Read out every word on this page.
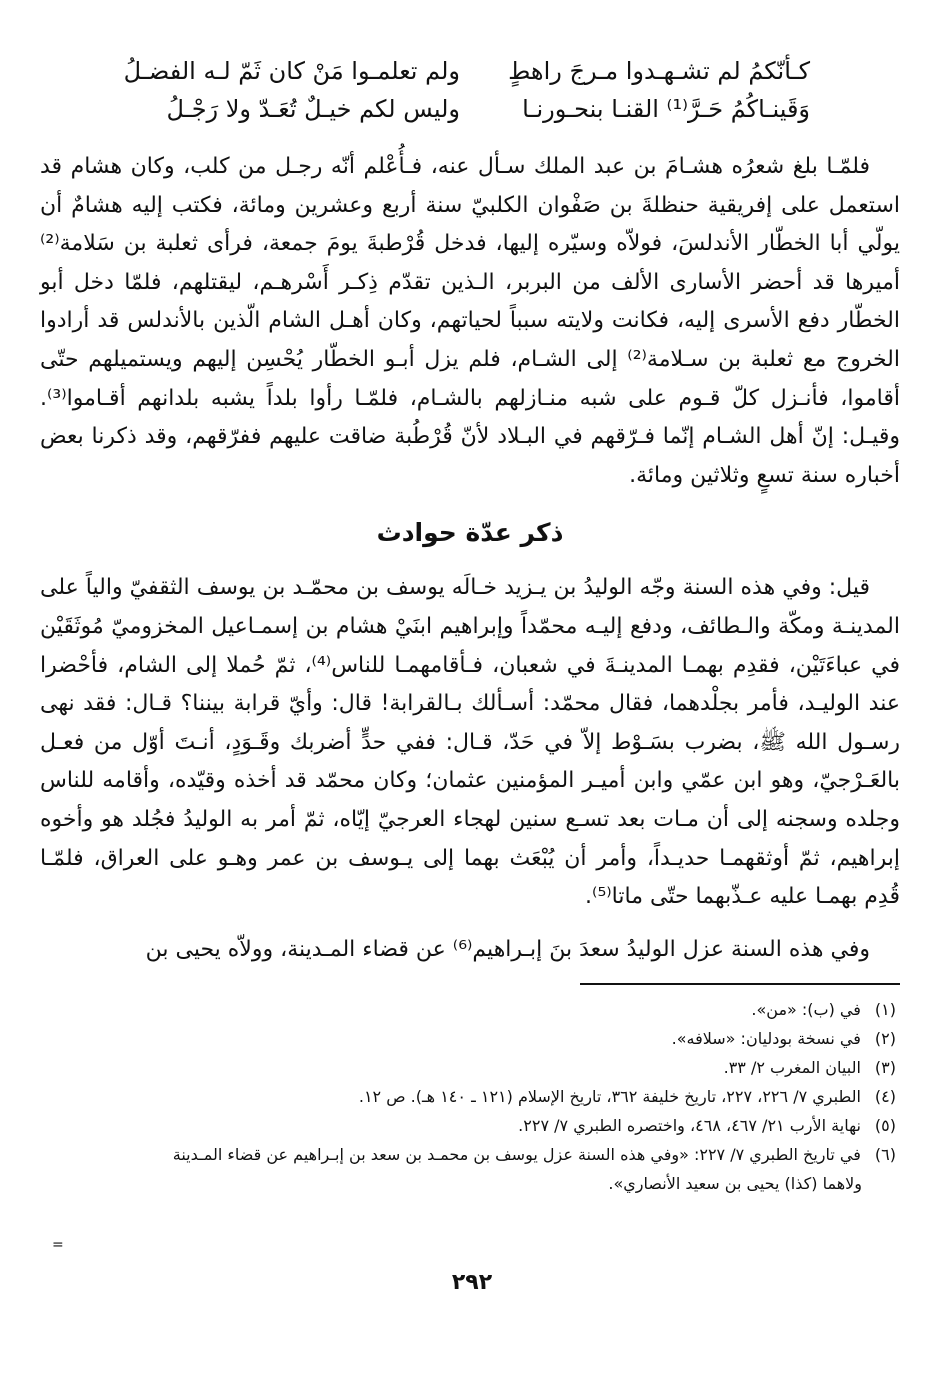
كـأنّكمُ لم تشـهـدوا مـرجَ راهطٍ
ولم تعلمـوا مَنْ كان ثَمّ لـه الفضـلُ
وَقَينـاكُمُ حَـرَّ⁽¹⁾ القنـا بنحـورنـا
وليس لكم خيـلٌ تُعَـدّ ولا رَجْـلُ

فلمّـا بلغ شعرُه هشـامَ بن عبد الملك سـأل عنه، فـأُعْلم أنّه رجـل من كلب، وكان هشام قد استعمل على إفريقية حنظلةَ بن صَفْوان الكلبيّ سنة أربع وعشرين ومائة، فكتب إليه هشامٌ أن يولّي أبا الخطّار الأندلسَ، فولاّه وسيّره إليها، فدخل قُرْطبةَ يومَ جمعة، فرأى ثعلبة بن سَلامة⁽²⁾ أميرها قد أحضر الأسارى الألف من البربر، الـذين تقدّم ذِكـر أَسْرهـم، ليقتلهم، فلمّا دخل أبو الخطّار دفع الأسرى إليه، فكانت ولايته سبباً لحياتهم، وكان أهـل الشام الّذين بالأندلس قد أرادوا الخروج مع ثعلبة بن سـلامة⁽²⁾ إلى الشـام، فلم يزل أبـو الخطّار يُحْسِن إليهم ويستميلهم حتّى أقاموا، فأنـزل كلّ قـوم على شبه منـازلهم بالشـام، فلمّـا رأوا بلداً يشبه بلدانهم أقـاموا⁽³⁾. وقيـل: إنّ أهل الشـام إنّما فـرّقهم في البـلاد لأنّ قُرْطُبة ضاقت عليهم ففرّقهم، وقد ذكرنا بعض أخباره سنة تسعٍ وثلاثين ومائة.

ذكر عدّة حوادث

قيل: وفي هذه السنة وجّه الوليدُ بن يـزيد خـالَه يوسف بن محمّـد بن يوسف الثقفيّ والياً على المدينـة ومكّة والـطائف، ودفع إليـه محمّداً وإبراهيم ابنَيْ هشام بن إسمـاعيل المخزوميّ مُوثَقَيْن في عباءَتَيْن، فقدِم بهمـا المدينـةَ في شعبان، فـأقامهمـا للناس⁽⁴⁾، ثمّ حُملا إلى الشام، فأحْضرا عند الوليـد، فأمر بجلْدهما، فقال محمّد: أسـألك بـالقرابة! قال: وأيّ قرابة بيننا؟ قـال: فقد نهى رسـول الله ﷺ، بضرب بسَـوْط إلاّ في حَدّ، قـال: ففي حدٍّ أضربك وقَـوَدٍ، أنـتَ أوّل من فعـل بالعَـرْجيّ، وهو ابن عمّي وابن أميـر المؤمنين عثمان؛ وكان محمّد قد أخذه وقيّده، وأقامه للناس وجلده وسجنه إلى أن مـات بعد تسـع سنين لهجاء العرجيّ إيّاه، ثمّ أمر به الوليدُ فجُلد هو وأخوه إبراهيم، ثمّ أوثقهمـا حديـداً، وأمر أن يُبْعَث بهما إلى يـوسف بن عمر وهـو على العراق، فلمّـا قُدِم بهمـا عليه عـذّبهما حتّى ماتا⁽⁵⁾.

وفي هذه السنة عزل الوليدُ سعدَ بنَ إبـراهيم⁽⁶⁾ عن قضاء المـدينة، وولاّه يحيى بن

(١) في (ب): «من».
(٢) في نسخة بودليان: «سلافه».
(٣) البيان المغرب ٢/ ٣٣.
(٤) الطبري ٧/ ٢٢٦، ٢٢٧، تاريخ خليفة ٣٦٢، تاريخ الإسلام (١٢١ ـ ١٤٠ هـ). ص ١٢.
(٥) نهاية الأرب ٢١/ ٤٦٧، ٤٦٨، واختصره الطبري ٧/ ٢٢٧.
(٦) في تاريخ الطبري ٧/ ٢٢٧: «وفي هذه السنة عزل يوسف بن محمـد بن سعد بن إبـراهيم عن قضاء المـدينة
ولاهما (كذا) يحيى بن سعيد الأنصاري».
=
٢٩٢
